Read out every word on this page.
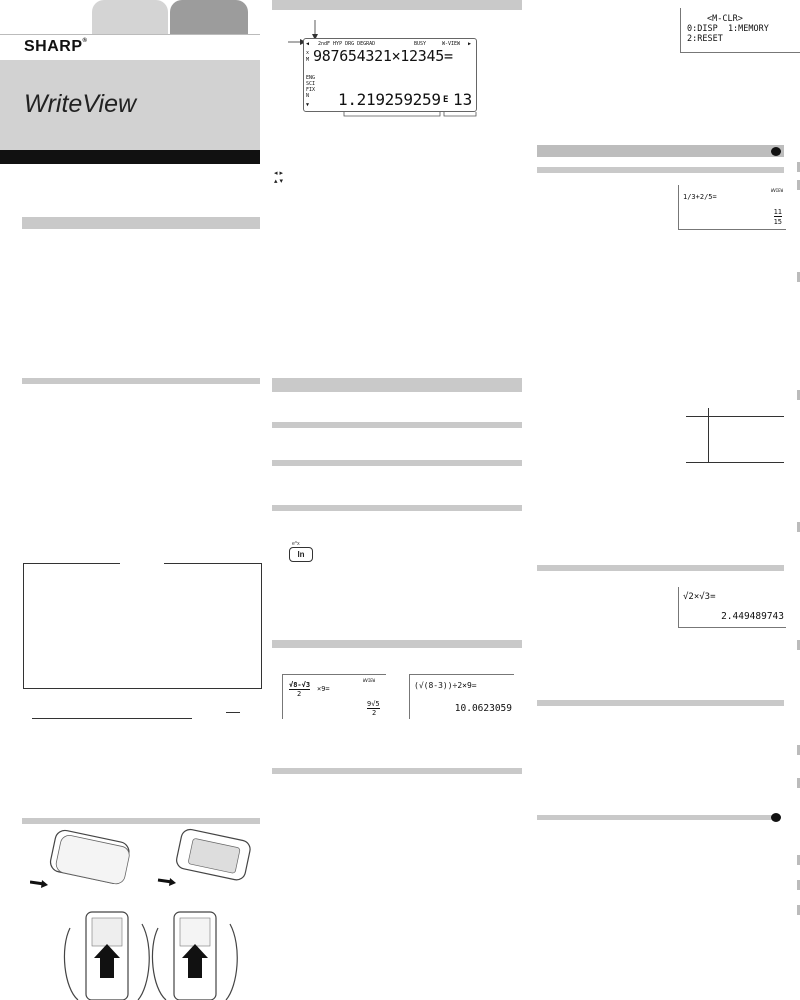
SHARP®
WriteView
◀ 2ndF HYP DRG DEGRAD	BUSY	W-VIEW ▶
x
M 987654321×12345=
ENG
SCI
FIX
N
▼ 1.219259259 E 13
◂ ▸
▴ ▾
e^x
ln
WVIEW
√8-√3
2
×9=
9√5
2
(√(8-3))÷2×9=
10.0623059
<M-CLR>
0:DISP  1:MEMORY
2:RESET
WVIEW
1/3+2/5=
11
15
√2×√3=
2.449489743
